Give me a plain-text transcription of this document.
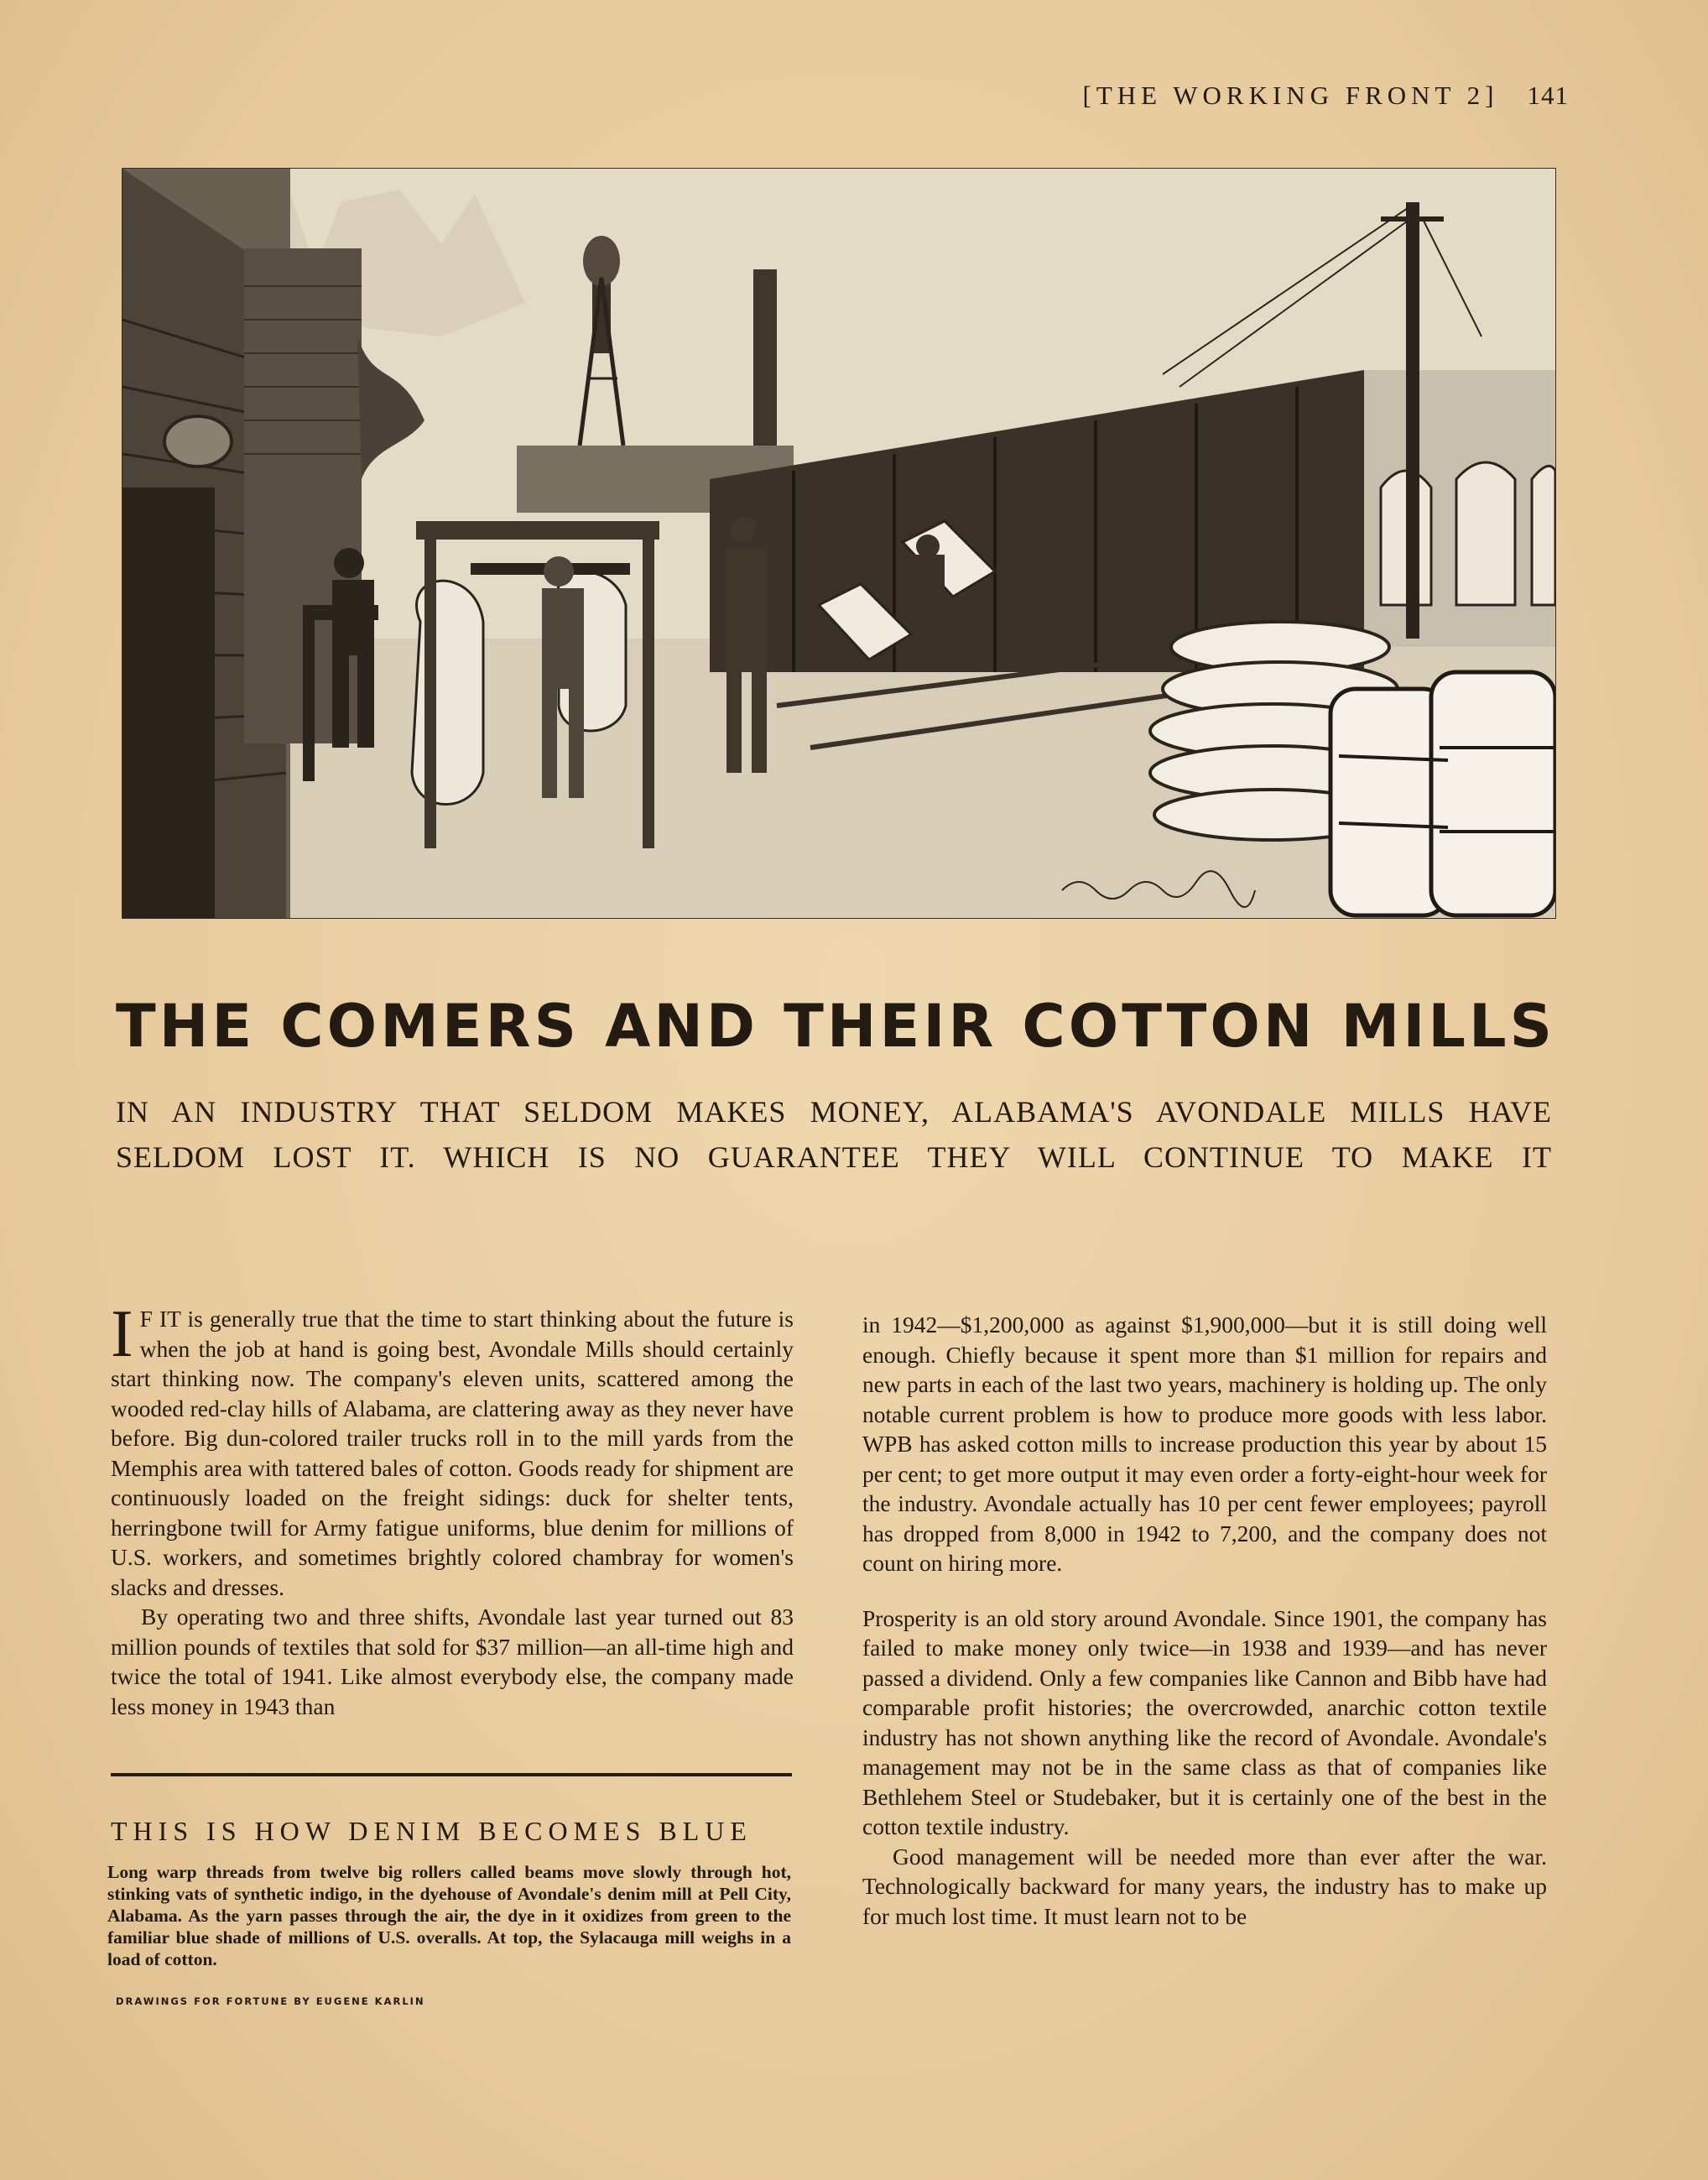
[THE WORKING FRONT 2] 141
THE COMERS AND THEIR COTTON MILLS
IN AN INDUSTRY THAT SELDOM MAKES MONEY, ALABAMA'S AVONDALE MILLS HAVE
SELDOM LOST IT. WHICH IS NO GUARANTEE THEY WILL CONTINUE TO MAKE IT

I F IT is generally true that the time to start thinking about the future is when the job at hand is going best, Avondale Mills should certainly start thinking now. The company's eleven units, scattered among the wooded red-clay hills of Alabama, are clattering away as they never have before. Big dun-colored trailer trucks roll in to the mill yards from the Memphis area with tattered bales of cotton. Goods ready for shipment are continuously loaded on the freight sidings: duck for shelter tents, herringbone twill for Army fatigue uniforms, blue denim for millions of U.S. workers, and sometimes brightly colored chambray for women's slacks and dresses.

By operating two and three shifts, Avondale last year turned out 83 million pounds of textiles that sold for $37 million—an all-time high and twice the total of 1941. Like almost everybody else, the company made less money in 1943 than

THIS IS HOW DENIM BECOMES BLUE
Long warp threads from twelve big rollers called beams move slowly through hot, stinking vats of synthetic indigo, in the dyehouse of Avondale's denim mill at Pell City, Alabama. As the yarn passes through the air, the dye in it oxidizes from green to the familiar blue shade of millions of U.S. overalls. At top, the Sylacauga mill weighs in a load of cotton.
DRAWINGS FOR FORTUNE BY EUGENE KARLIN

in 1942—$1,200,000 as against $1,900,000—but it is still doing well enough. Chiefly because it spent more than $1 million for repairs and new parts in each of the last two years, machinery is holding up. The only notable current problem is how to produce more goods with less labor. WPB has asked cotton mills to increase production this year by about 15 per cent; to get more output it may even order a forty-eight-hour week for the industry. Avondale actually has 10 per cent fewer employees; payroll has dropped from 8,000 in 1942 to 7,200, and the company does not count on hiring more.

Prosperity is an old story around Avondale. Since 1901, the company has failed to make money only twice—in 1938 and 1939—and has never passed a dividend. Only a few companies like Cannon and Bibb have had comparable profit histories; the overcrowded, anarchic cotton textile industry has not shown anything like the record of Avondale. Avondale's management may not be in the same class as that of companies like Bethlehem Steel or Studebaker, but it is certainly one of the best in the cotton textile industry.

Good management will be needed more than ever after the war. Technologically backward for many years, the industry has to make up for much lost time. It must learn not to be
